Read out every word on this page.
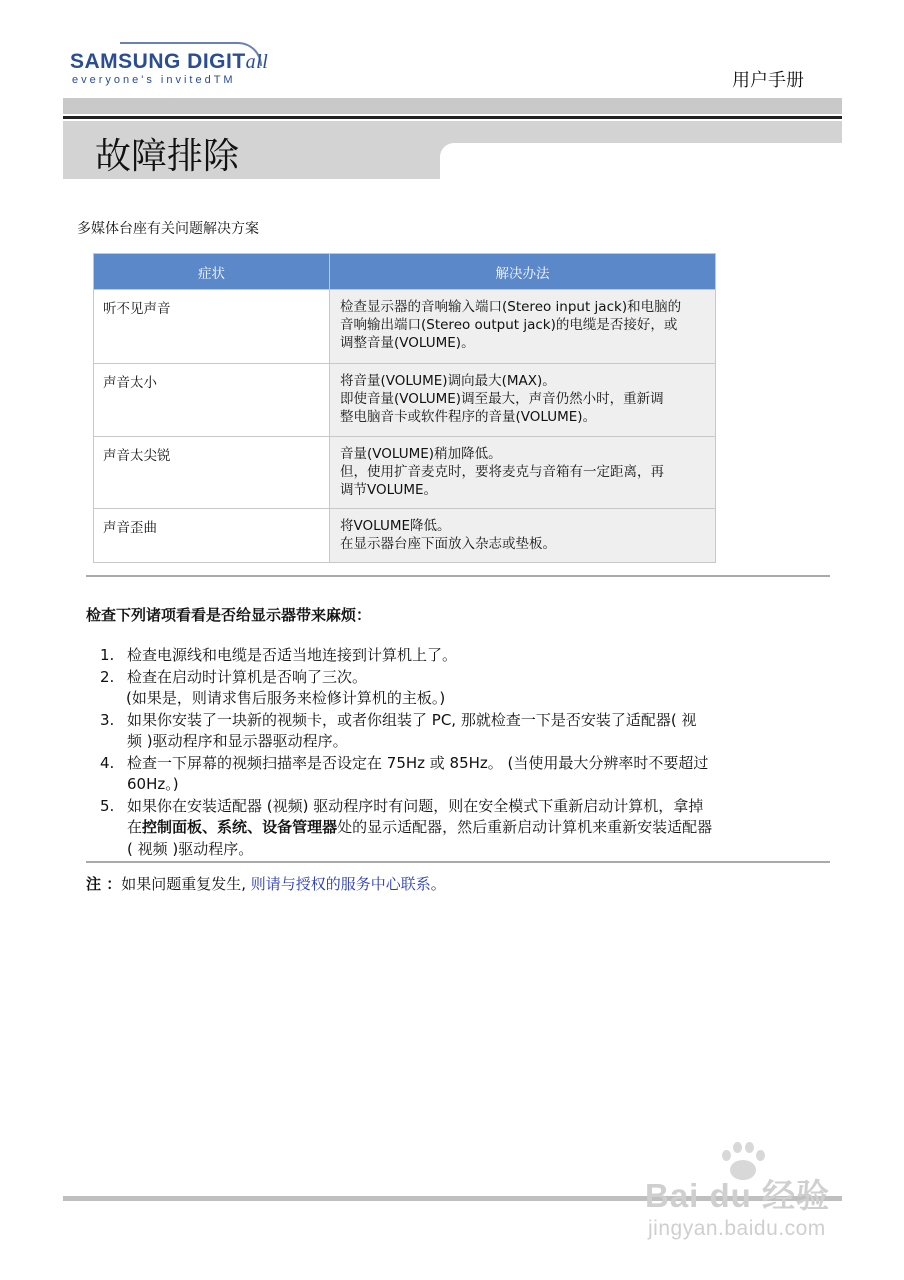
SAMSUNG DIGITall
everyone's invitedTM	用户手册
故障排除
多媒体台座有关问题解决方案
症状	解决办法
听不见声音	检查显示器的音响输入端口(Stereo input jack)和电脑的
音响输出端口(Stereo output jack)的电缆是否接好，或
调整音量(VOLUME)。

声音太小	将音量(VOLUME)调向最大(MAX)。
即使音量(VOLUME)调至最大，声音仍然小时，重新调
整电脑音卡或软件程序的音量(VOLUME)。

声音太尖锐	音量(VOLUME)稍加降低。
但，使用扩音麦克时，要将麦克与音箱有一定距离，再
调节VOLUME。

声音歪曲	将VOLUME降低。
在显示器台座下面放入杂志或垫板。
检查下列诸项看看是否给显示器带来麻烦：
1. 检查电源线和电缆是否适当地连接到计算机上了。
2. 检查在启动时计算机是否响了三次。
(如果是，则请求售后服务来检修计算机的主板。)
3. 如果你安装了一块新的视频卡，或者你组装了 PC, 那就检查一下是否安装了适配器( 视
频 )驱动程序和显示器驱动程序。
4. 检查一下屏幕的视频扫描率是否设定在 75Hz 或 85Hz。 (当使用最大分辨率时不要超过
60Hz。)
5. 如果你在安装适配器 (视频) 驱动程序时有问题，则在安全模式下重新启动计算机，拿掉
在控制面板、系统、设备管理器处的显示适配器，然后重新启动计算机来重新安装适配器
( 视频 )驱动程序。
注 ：如果问题重复发生, 则请与授权的服务中心联系。
Bai du 经验
jingyan.baidu.com
